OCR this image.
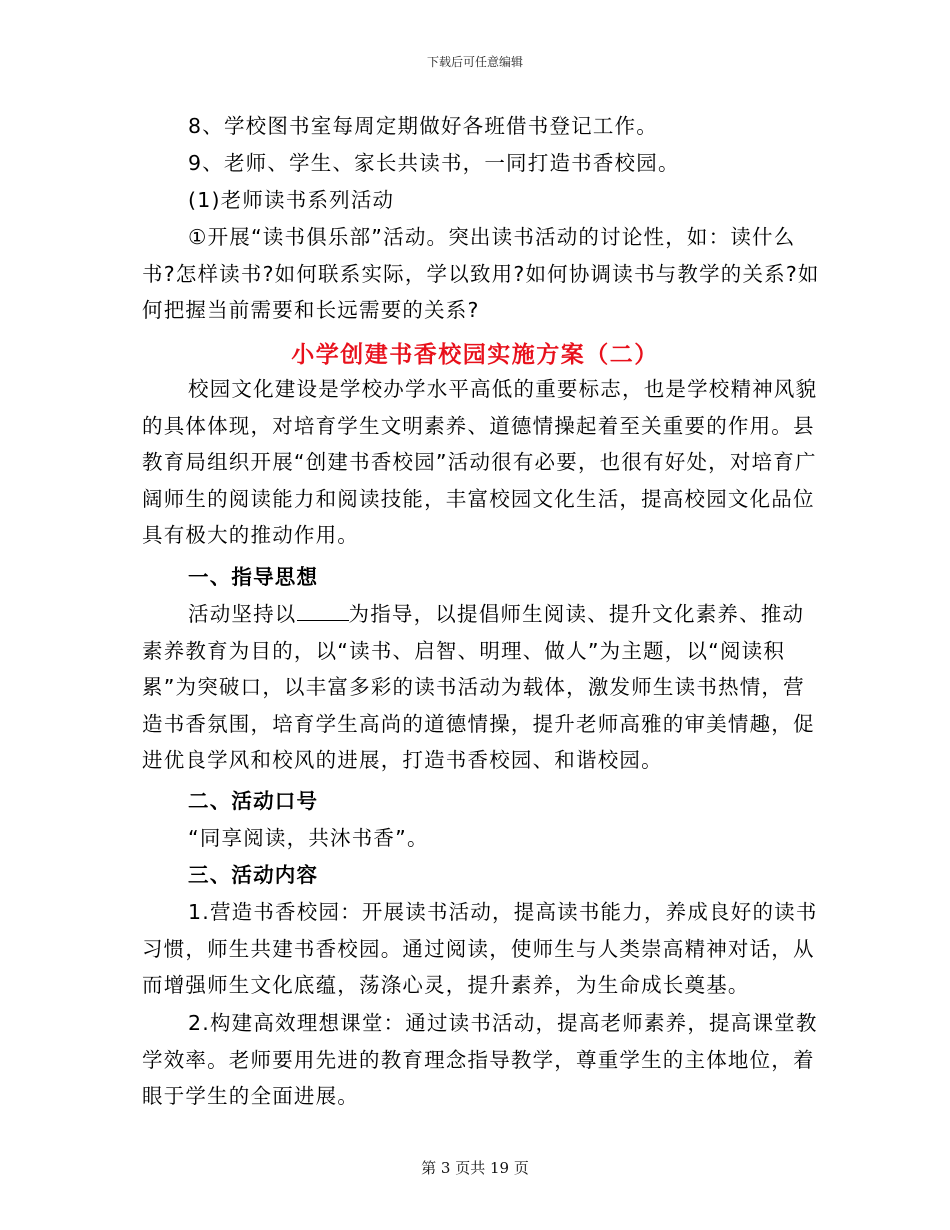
下载后可任意编辑
8、学校图书室每周定期做好各班借书登记工作。
9、老师、学生、家长共读书，一同打造书香校园。
(1)老师读书系列活动
①开展“读书俱乐部”活动。突出读书活动的讨论性，如：读什么书?怎样读书?如何联系实际，学以致用?如何协调读书与教学的关系?如何把握当前需要和长远需要的关系?
小学创建书香校园实施方案（二）
校园文化建设是学校办学水平高低的重要标志，也是学校精神风貌的具体体现，对培育学生文明素养、道德情操起着至关重要的作用。县教育局组织开展“创建书香校园”活动很有必要，也很有好处，对培育广阔师生的阅读能力和阅读技能，丰富校园文化生活，提高校园文化品位具有极大的推动作用。
一、指导思想
活动坚持以	为指导，以提倡师生阅读、提升文化素养、推动素养教育为目的，以“读书、启智、明理、做人”为主题，以“阅读积累”为突破口，以丰富多彩的读书活动为载体，激发师生读书热情，营造书香氛围，培育学生高尚的道德情操，提升老师高雅的审美情趣，促进优良学风和校风的进展，打造书香校园、和谐校园。
二、活动口号
“同享阅读，共沐书香”。
三、活动内容
1.营造书香校园：开展读书活动，提高读书能力，养成良好的读书习惯，师生共建书香校园。通过阅读，使师生与人类崇高精神对话，从而增强师生文化底蕴，荡涤心灵，提升素养，为生命成长奠基。
2.构建高效理想课堂：通过读书活动，提高老师素养，提高课堂教学效率。老师要用先进的教育理念指导教学，尊重学生的主体地位，着眼于学生的全面进展。
第 3 页共 19 页
